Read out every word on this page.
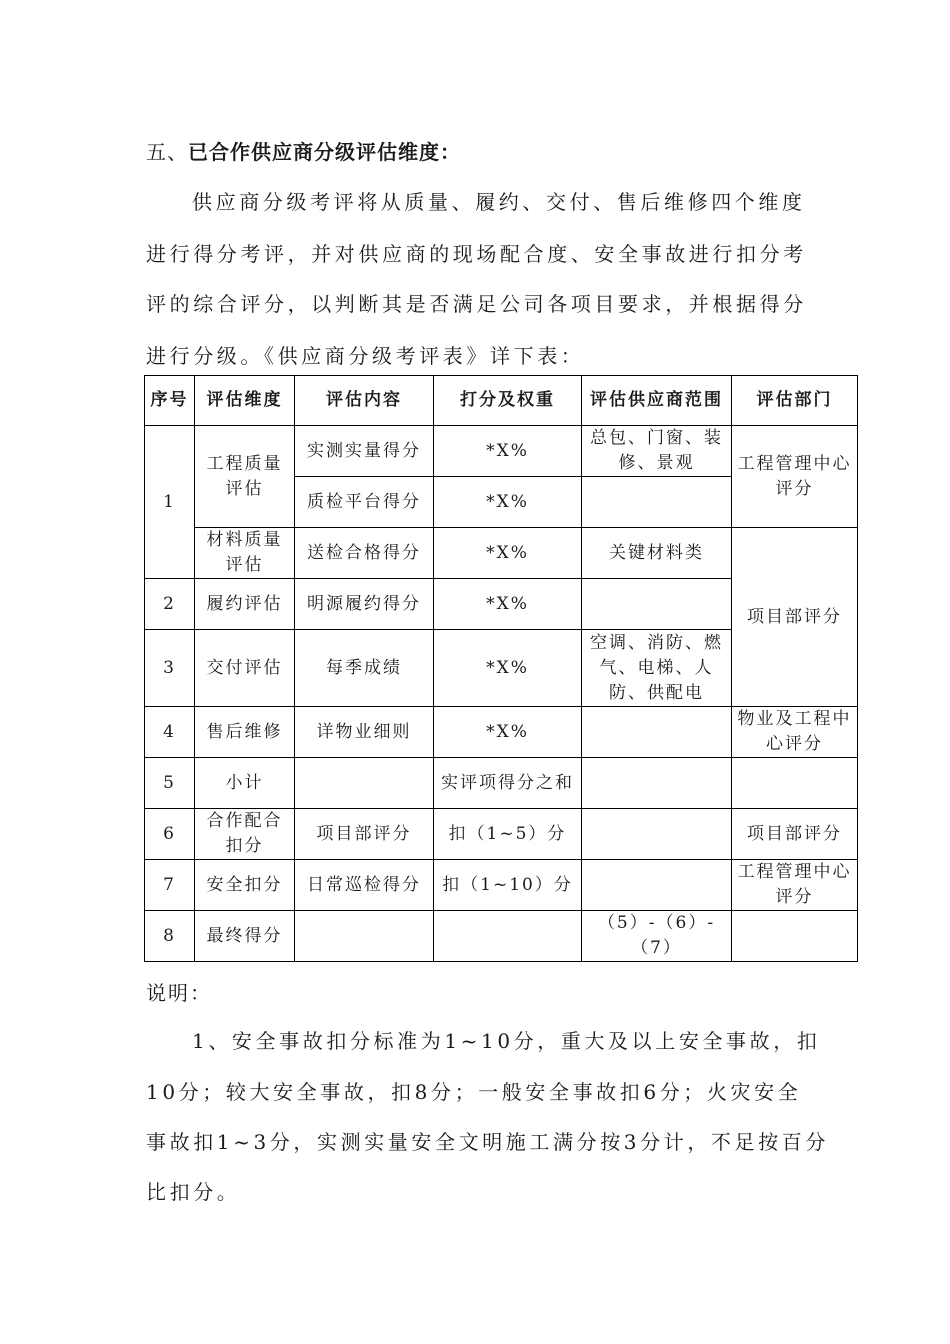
五、已合作供应商分级评估维度：
供应商分级考评将从质量、履约、交付、售后维修四个维度
进行得分考评，并对供应商的现场配合度、安全事故进行扣分考
评的综合评分，以判断其是否满足公司各项目要求，并根据得分
进行分级。《供应商分级考评表》详下表：
序号	评估维度	评估内容	打分及权重	评估供应商范围	评估部门
1	工程质量评估	实测实量得分	*X%	总包、门窗、装修、景观	工程管理中心评分
		质检平台得分	*X%		
	材料质量评估	送检合格得分	*X%	关键材料类	项目部评分
2	履约评估	明源履约得分	*X%		
3	交付评估	每季成绩	*X%	空调、消防、燃气、电梯、人防、供配电	
4	售后维修	详物业细则	*X%		物业及工程中心评分
5	小计		实评项得分之和		
6	合作配合扣分	项目部评分	扣（1~5）分		项目部评分
7	安全扣分	日常巡检得分	扣（1~10）分		工程管理中心评分
8	最终得分			（5）-（6）-（7）	
说明：
1、安全事故扣分标准为1~10分，重大及以上安全事故，扣
10分；较大安全事故，扣8分；一般安全事故扣6分；火灾安全
事故扣1~3分，实测实量安全文明施工满分按3分计，不足按百分
比扣分。
